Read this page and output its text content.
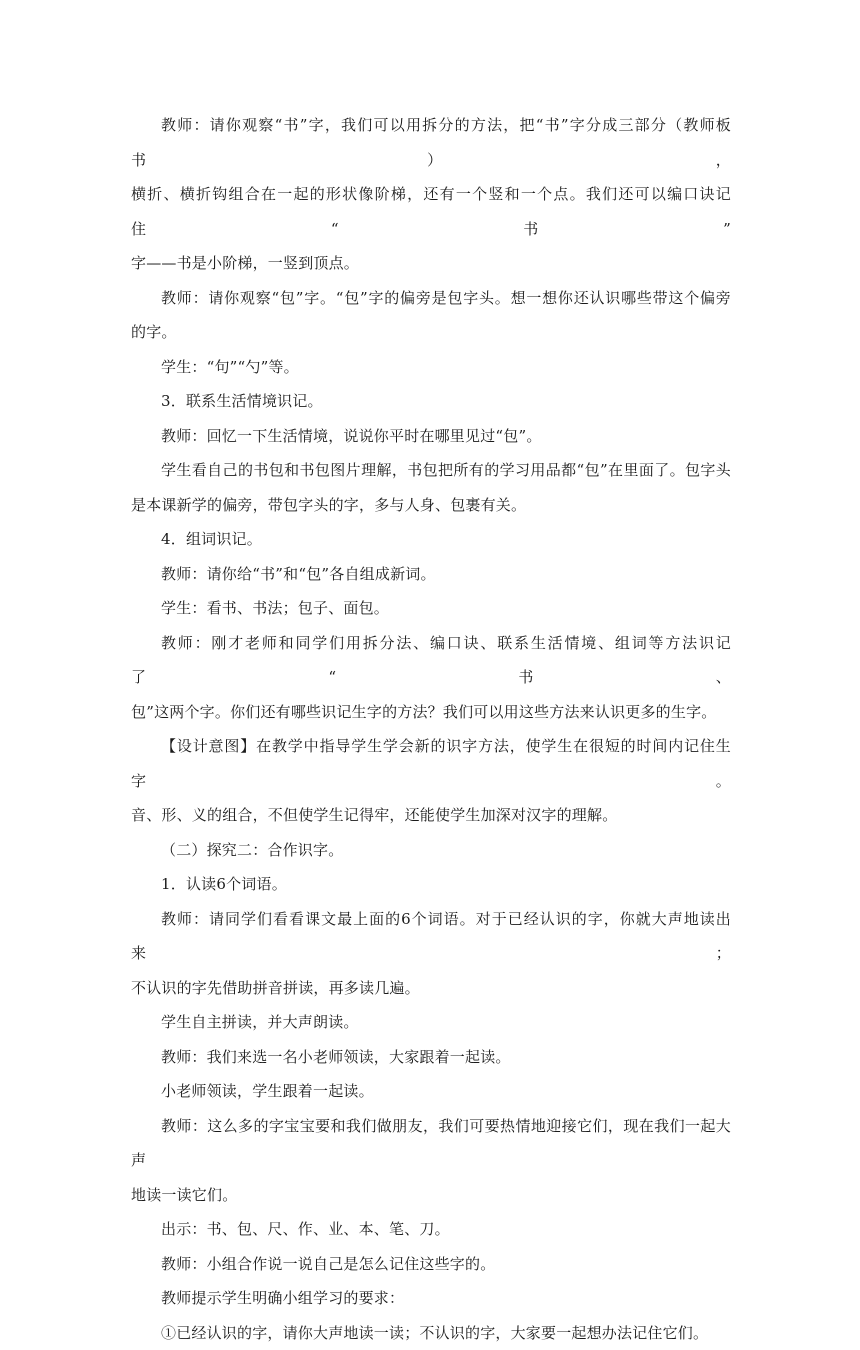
教师：请你观察“书”字，我们可以用拆分的方法，把“书”字分成三部分（教师板书），
横折、横折钩组合在一起的形状像阶梯，还有一个竖和一个点。我们还可以编口诀记住“书”
字——书是小阶梯，一竖到顶点。

教师：请你观察“包”字。“包”字的偏旁是包字头。想一想你还认识哪些带这个偏旁
的字。

学生：“句”“勺”等。

3．联系生活情境识记。

教师：回忆一下生活情境，说说你平时在哪里见过“包”。

学生看自己的书包和书包图片理解，书包把所有的学习用品都“包”在里面了。包字头
是本课新学的偏旁，带包字头的字，多与人身、包裹有关。

4．组词识记。

教师：请你给“书”和“包”各自组成新词。

学生：看书、书法；包子、面包。

教师：刚才老师和同学们用拆分法、编口诀、联系生活情境、组词等方法识记了“书、
包”这两个字。你们还有哪些识记生字的方法？我们可以用这些方法来认识更多的生字。

【设计意图】在教学中指导学生学会新的识字方法，使学生在很短的时间内记住生字。
音、形、义的组合，不但使学生记得牢，还能使学生加深对汉字的理解。

（二）探究二：合作识字。

1．认读6个词语。

教师：请同学们看看课文最上面的6个词语。对于已经认识的字，你就大声地读出来；
不认识的字先借助拼音拼读，再多读几遍。

学生自主拼读，并大声朗读。

教师：我们来选一名小老师领读，大家跟着一起读。

小老师领读，学生跟着一起读。

教师：这么多的字宝宝要和我们做朋友，我们可要热情地迎接它们，现在我们一起大声
地读一读它们。

出示：书、包、尺、作、业、本、笔、刀。

教师：小组合作说一说自己是怎么记住这些字的。

教师提示学生明确小组学习的要求：

①已经认识的字，请你大声地读一读；不认识的字，大家要一起想办法记住它们。
